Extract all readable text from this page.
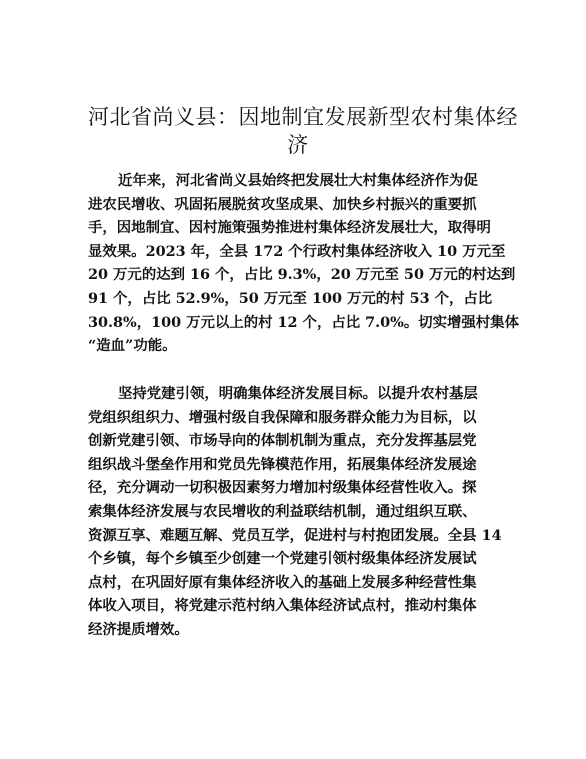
河北省尚义县：因地制宜发展新型农村集体经
济
近年来，河北省尚义县始终把发展壮大村集体经济作为促
进农民增收、巩固拓展脱贫攻坚成果、加快乡村振兴的重要抓
手，因地制宜、因村施策强势推进村集体经济发展壮大，取得明
显效果。2023 年，全县 172 个行政村集体经济收入 10 万元至
20 万元的达到 16 个，占比 9.3%，20 万元至 50 万元的村达到
91 个，占比 52.9%，50 万元至 100 万元的村 53 个，占比
30.8%，100 万元以上的村 12 个，占比 7.0%。切实增强村集体
“造血”功能。
坚持党建引领，明确集体经济发展目标。以提升农村基层
党组织组织力、增强村级自我保障和服务群众能力为目标，以
创新党建引领、市场导向的体制机制为重点，充分发挥基层党
组织战斗堡垒作用和党员先锋模范作用，拓展集体经济发展途
径，充分调动一切积极因素努力增加村级集体经营性收入。探
索集体经济发展与农民增收的利益联结机制，通过组织互联、
资源互享、难题互解、党员互学，促进村与村抱团发展。全县 14
个乡镇，每个乡镇至少创建一个党建引领村级集体经济发展试
点村，在巩固好原有集体经济收入的基础上发展多种经营性集
体收入项目，将党建示范村纳入集体经济试点村，推动村集体
经济提质增效。
